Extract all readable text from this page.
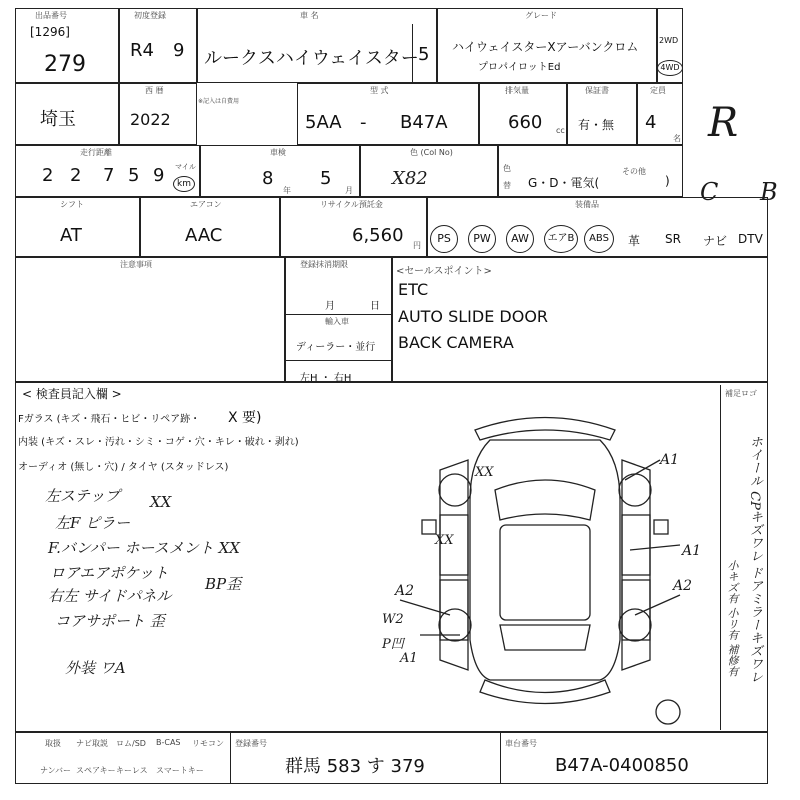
出品番号
[1296]
279
初度登録
R4 9
車 名
ルークスハイウェイスター 5
グレード
ハイウェイスターXアーバンクロム
プロパイロットEd
2WD
4WD
埼玉
西 暦
※記入は自費用
2022
型 式
5AA - B47A
排気量
660 cc
保証書
有・無
定員
4
名 R
走行距離
2 2 7 5 9 マイル
km
車検
8
年
5
月
色 (Col No)
X82	色
替 G・D・電気(
その他
) C B
シフト
AT
エアコン
AAC
リサイクル預託金
6,560 円
装備品
PS	PW	AW	エアB	ABS	革 SR ナビ DTV
注意事項	登録抹消期限
月	日
輸入車
ディーラー・並行
左H ・ 右H
<セールスポイント>
ETC
AUTO SLIDE DOOR
BACK CAMERA
< 検査員記入欄 >
Fガラス (キズ・飛石・ヒビ・リペア跡・ X 要)
内装 (キズ・スレ・汚れ・シミ・コゲ・穴・キレ・破れ・剥れ)
オーディオ (無し・穴) / タイヤ (スタッドレス)
左ステップ XX
左F ピラー
F.バンパー ホースメント XX
ロアエアポケット
BP歪
右左 サイドパネル
コアサポート 歪
外装 ワA
A1
XX
XX
A1
A2	A2
W2
P凹
A1
補足ロゴ
ホイール CPキズワレ ドアミラーキズワレ
小キズ有 小リ有 補修有
取扱 ナビ取説 ロム/SD B-CAS リモコン
ナンバー スペアキー キーレス スマートキー
登録番号
群馬 583 す 379
車台番号
B47A-0400850
